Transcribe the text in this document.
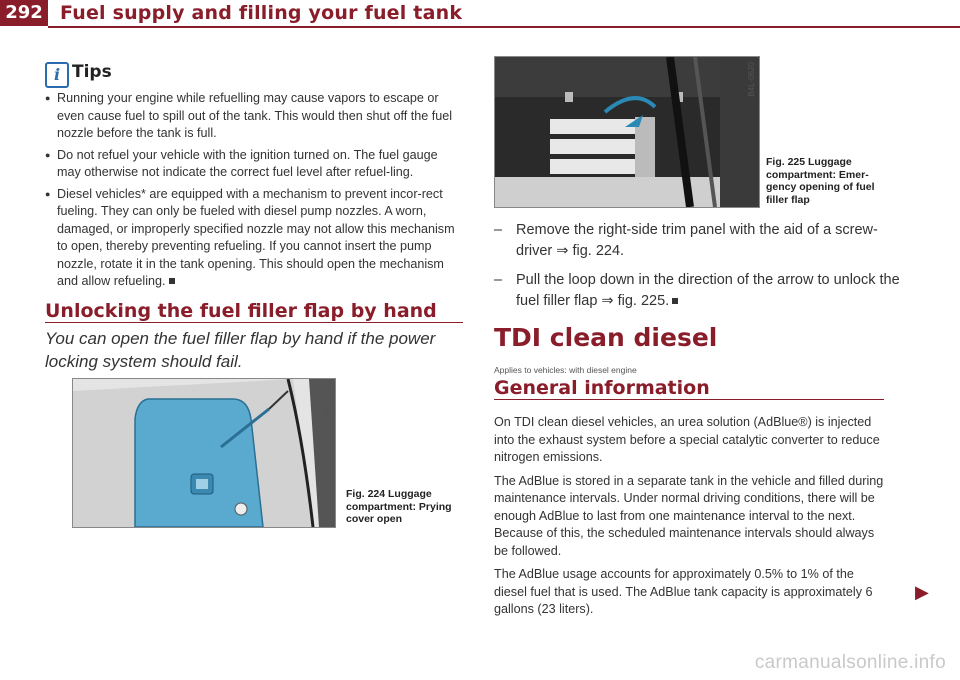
292 Fuel supply and filling your fuel tank
i Tips
● Running your engine while refuelling may cause vapors to escape or even cause fuel to spill out of the tank. This would then shut off the fuel nozzle before the tank is full.
● Do not refuel your vehicle with the ignition turned on. The fuel gauge may otherwise not indicate the correct fuel level after refuel-ling.
● Diesel vehicles* are equipped with a mechanism to prevent incor-rect fueling. They can only be fueled with diesel pump nozzles. A worn, damaged, or improperly specified nozzle may not allow this mechanism to open, thereby preventing refueling. If you cannot insert the pump nozzle, rotate it in the tank opening. This should open the mechanism and allow refueling.
Unlocking the fuel filler flap by hand
You can open the fuel filler flap by hand if the power locking system should fail.
B4L-0755
Fig. 224 Luggage compartment: Prying cover open
B4L-0620
Fig. 225 Luggage compartment: Emer-gency opening of fuel filler flap
– Remove the right-side trim panel with the aid of a screw-driver ⇒ fig. 224.
– Pull the loop down in the direction of the arrow to unlock the fuel filler flap ⇒ fig. 225.
TDI clean diesel
Applies to vehicles: with diesel engine
General information
On TDI clean diesel vehicles, an urea solution (AdBlue®) is injected into the exhaust system before a special catalytic converter to reduce nitrogen emissions.
The AdBlue is stored in a separate tank in the vehicle and filled during maintenance intervals. Under normal driving conditions, there will be enough AdBlue to last from one maintenance interval to the next. Because of this, the scheduled maintenance intervals should always be followed.
The AdBlue usage accounts for approximately 0.5% to 1% of the diesel fuel that is used. The AdBlue tank capacity is approximately 6 gallons (23 liters).
▶
carmanualsonline.info
